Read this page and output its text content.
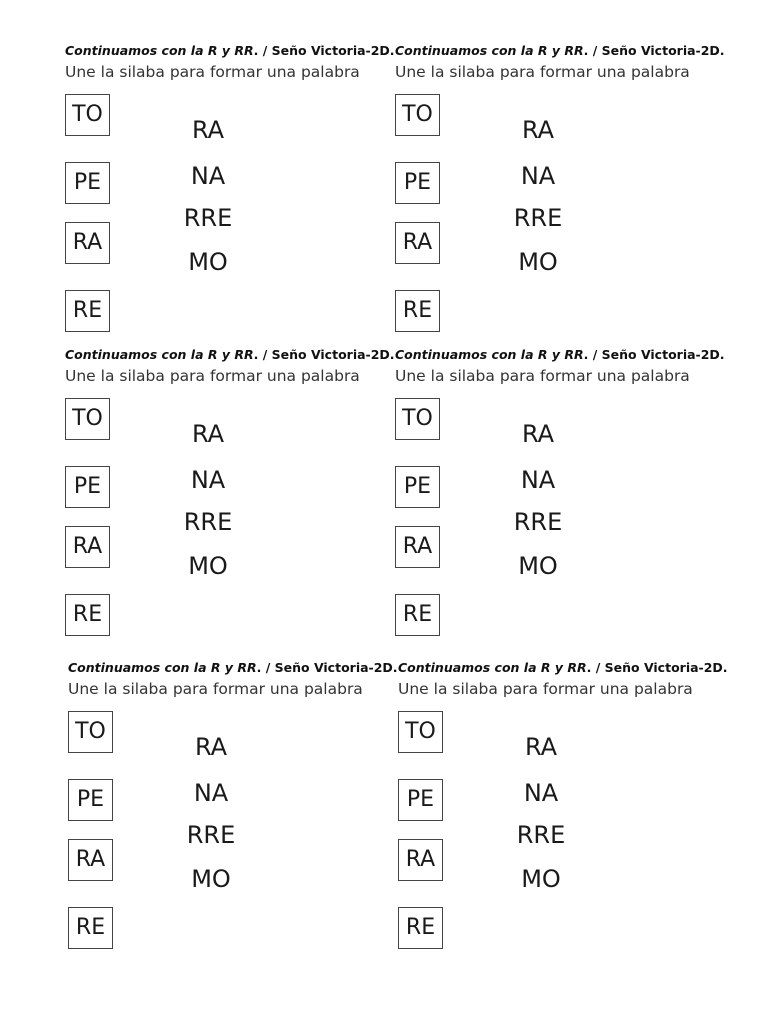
Continuamos con la R y RR. / Seño Victoria-2D.
Une la silaba para formar una palabra
TO
PE
RA
RE
RA
NA
RRE
MO
Continuamos con la R y RR. / Seño Victoria-2D.
Une la silaba para formar una palabra
TO
PE
RA
RE
RA
NA
RRE
MO
Continuamos con la R y RR. / Seño Victoria-2D.
Une la silaba para formar una palabra
TO
PE
RA
RE
RA
NA
RRE
MO
Continuamos con la R y RR. / Seño Victoria-2D.
Une la silaba para formar una palabra
TO
PE
RA
RE
RA
NA
RRE
MO
Continuamos con la R y RR. / Seño Victoria-2D.
Une la silaba para formar una palabra
TO
PE
RA
RE
RA
NA
RRE
MO
Continuamos con la R y RR. / Seño Victoria-2D.
Une la silaba para formar una palabra
TO
PE
RA
RE
RA
NA
RRE
MO
